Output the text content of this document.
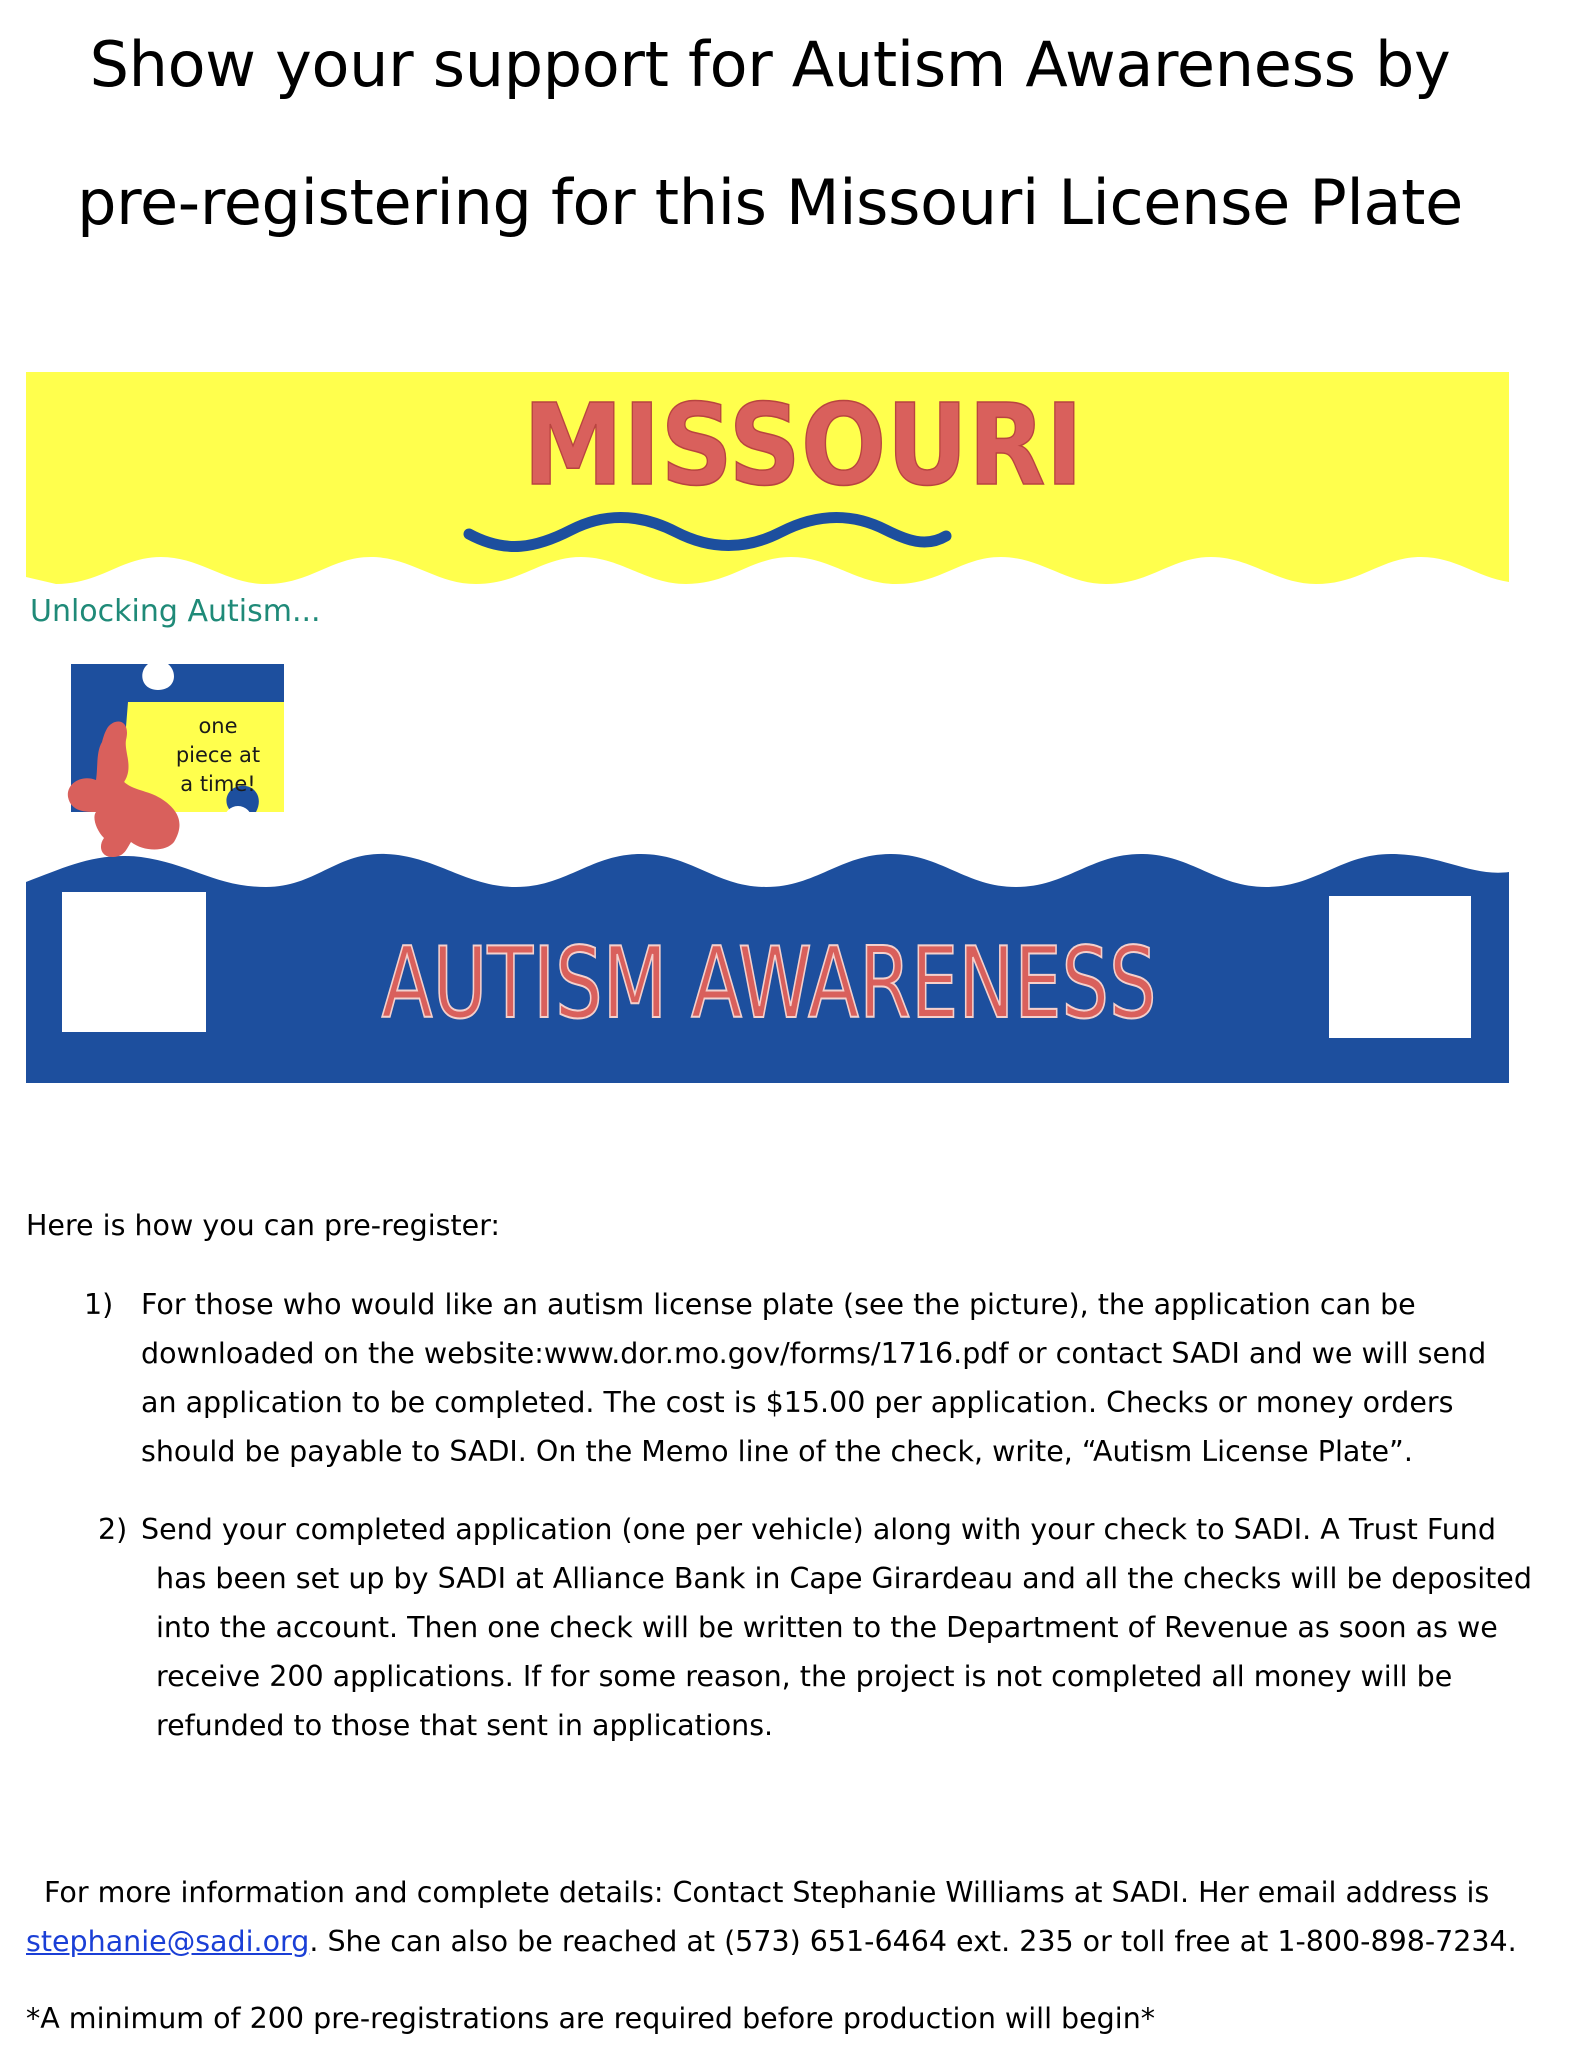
Show your support for Autism Awareness by
pre-registering for this Missouri License Plate
MISSOURI
Unlocking Autism...
one
piece at
a time!
AUTISM AWARENESS

Here is how you can pre-register:

1) For those who would like an autism license plate (see the picture), the application can be
downloaded on the website:www.dor.mo.gov/forms/1716.pdf or contact SADI and we will send
an application to be completed. The cost is $15.00 per application. Checks or money orders
should be payable to SADI. On the Memo line of the check, write, “Autism License Plate”.

2) Send your completed application (one per vehicle) along with your check to SADI. A Trust Fund
has been set up by SADI at Alliance Bank in Cape Girardeau and all the checks will be deposited
into the account. Then one check will be written to the Department of Revenue as soon as we
receive 200 applications. If for some reason, the project is not completed all money will be
refunded to those that sent in applications.

For more information and complete details: Contact Stephanie Williams at SADI. Her email address is
stephanie@sadi.org. She can also be reached at (573) 651-6464 ext. 235 or toll free at 1-800-898-7234.

*A minimum of 200 pre-registrations are required before production will begin*
